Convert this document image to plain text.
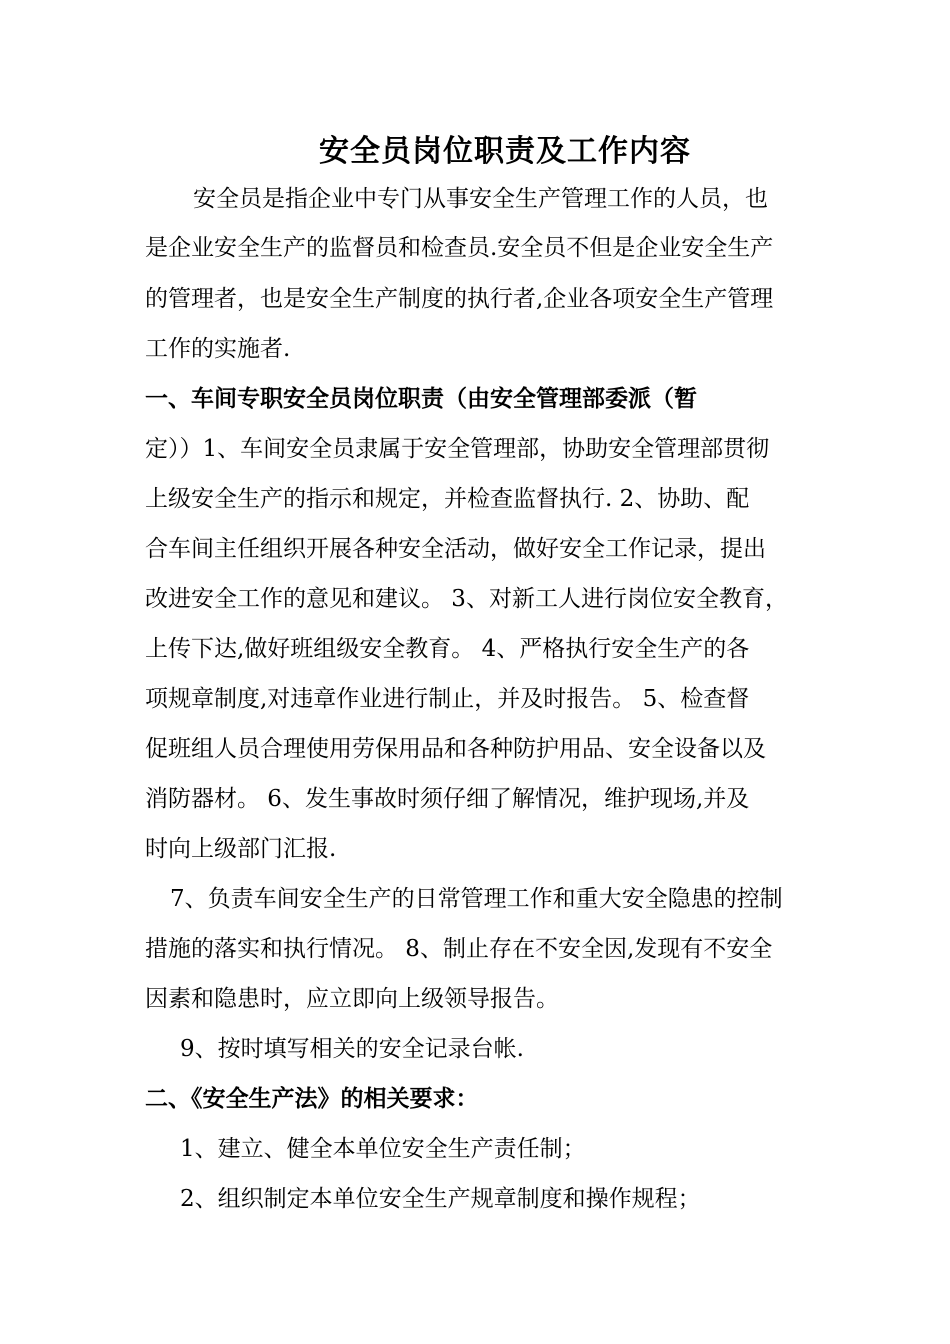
安全员岗位职责及工作内容
安全员是指企业中专门从事安全生产管理工作的人员，也
是企业安全生产的监督员和检查员.安全员不但是企业安全生产
的管理者，也是安全生产制度的执行者,企业各项安全生产管理
工作的实施者.
一、车间专职安全员岗位职责（由安全管理部委派（暂
定））1、车间安全员隶属于安全管理部，协助安全管理部贯彻
上级安全生产的指示和规定，并检查监督执行. 2、协助、配
合车间主任组织开展各种安全活动，做好安全工作记录，提出
改进安全工作的意见和建议。 3、对新工人进行岗位安全教育，
上传下达,做好班组级安全教育。 4、严格执行安全生产的各
项规章制度,对违章作业进行制止，并及时报告。 5、检查督
促班组人员合理使用劳保用品和各种防护用品、安全设备以及
消防器材。 6、发生事故时须仔细了解情况，维护现场,并及
时向上级部门汇报.
7、负责车间安全生产的日常管理工作和重大安全隐患的控制
措施的落实和执行情况。 8、制止存在不安全因,发现有不安全
因素和隐患时，应立即向上级领导报告。
9、按时填写相关的安全记录台帐.
二、《安全生产法》的相关要求：
1、建立、健全本单位安全生产责任制；
2、组织制定本单位安全生产规章制度和操作规程；
